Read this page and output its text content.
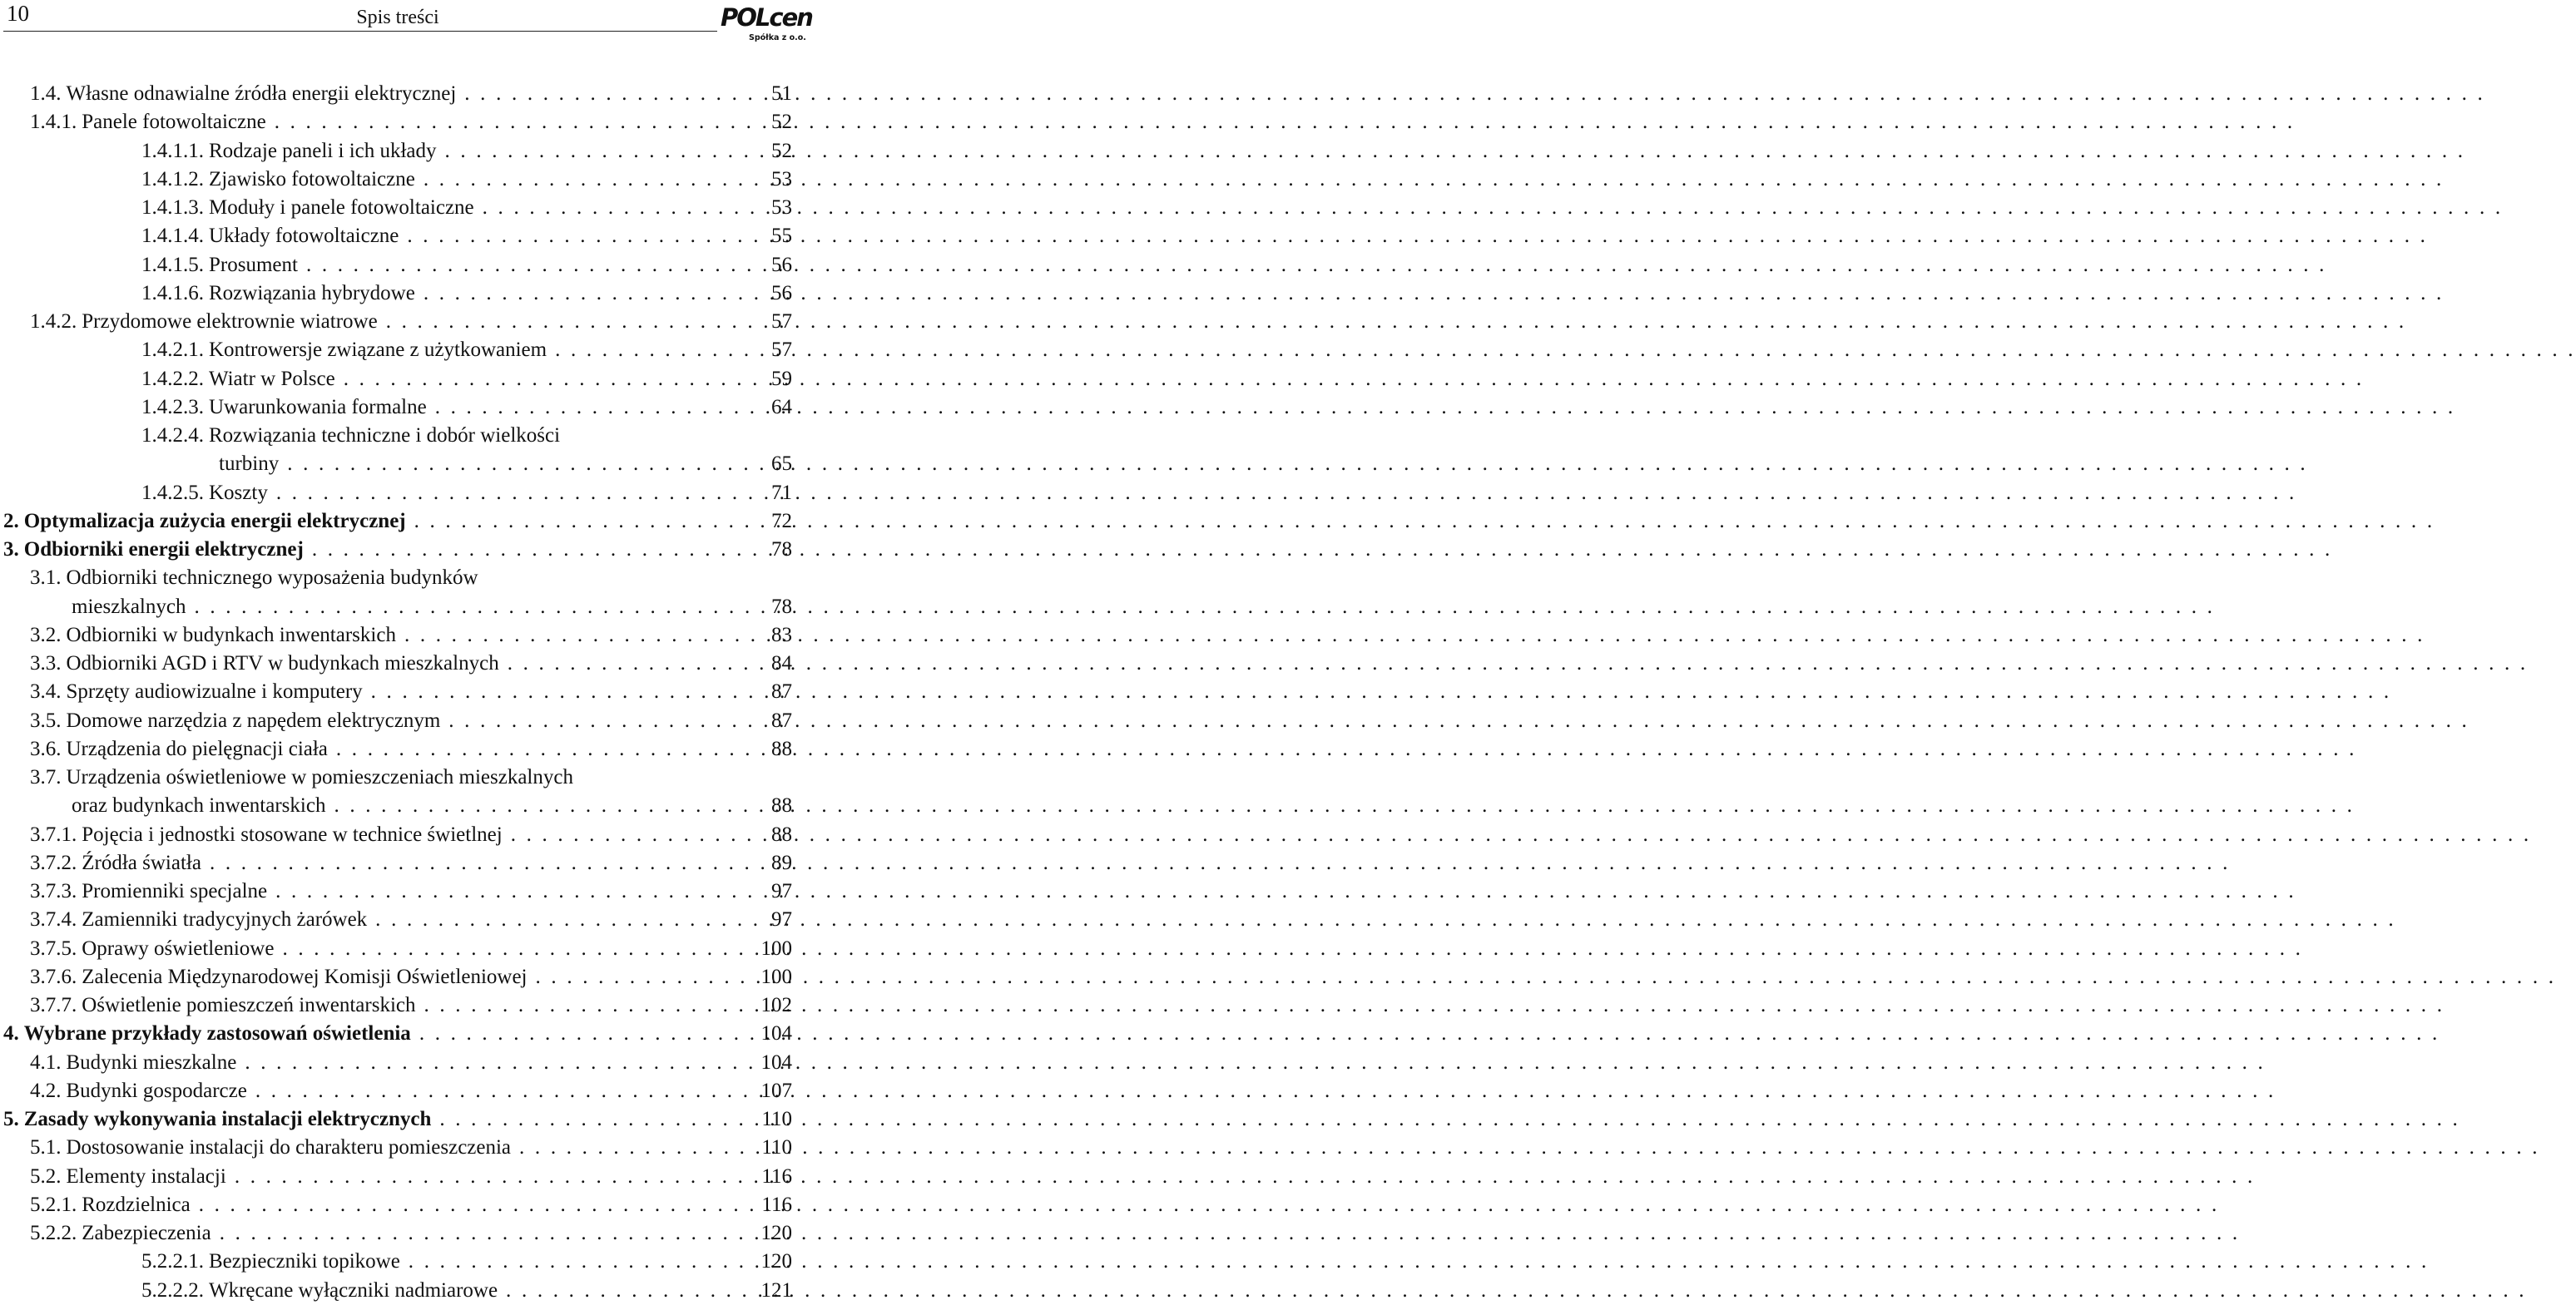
10	Spis treści	POLcen
Spółka z o.o.
1.4. Własne odnawialne źródła energii elektrycznej . . .	51
1.4.1. Panele fotowoltaiczne . . .	52
1.4.1.1. Rodzaje paneli i ich układy . . .	52
1.4.1.2. Zjawisko fotowoltaiczne . . .	53
1.4.1.3. Moduły i panele fotowoltaiczne . . .	53
1.4.1.4. Układy fotowoltaiczne . . .	55
1.4.1.5. Prosument . . .	56
1.4.1.6. Rozwiązania hybrydowe . . .	56
1.4.2. Przydomowe elektrownie wiatrowe . . .	57
1.4.2.1. Kontrowersje związane z użytkowaniem . . .	57
1.4.2.2. Wiatr w Polsce . . .	59
1.4.2.3. Uwarunkowania formalne . . .	64
1.4.2.4. Rozwiązania techniczne i dobór wielkości
turbiny . . .	65
1.4.2.5. Koszty . . .	71
2. Optymalizacja zużycia energii elektrycznej . . .	72
3. Odbiorniki energii elektrycznej . . .	78
3.1. Odbiorniki technicznego wyposażenia budynków
mieszkalnych . . .	78
3.2. Odbiorniki w budynkach inwentarskich . . .	83
3.3. Odbiorniki AGD i RTV w budynkach mieszkalnych . . .	84
3.4. Sprzęty audiowizualne i komputery . . .	87
3.5. Domowe narzędzia z napędem elektrycznym . . .	87
3.6. Urządzenia do pielęgnacji ciała . . .	88
3.7. Urządzenia oświetleniowe w pomieszczeniach mieszkalnych
oraz budynkach inwentarskich . . .	88
3.7.1. Pojęcia i jednostki stosowane w technice świetlnej . . .	88
3.7.2. Źródła światła . . .	89
3.7.3. Promienniki specjalne . . .	97
3.7.4. Zamienniki tradycyjnych żarówek . . .	97
3.7.5. Oprawy oświetleniowe . . .	100
3.7.6. Zalecenia Międzynarodowej Komisji Oświetleniowej . . .	100
3.7.7. Oświetlenie pomieszczeń inwentarskich . . .	102
4. Wybrane przykłady zastosowań oświetlenia . . .	104
4.1. Budynki mieszkalne . . .	104
4.2. Budynki gospodarcze . . .	107
5. Zasady wykonywania instalacji elektrycznych . . .	110
5.1. Dostosowanie instalacji do charakteru pomieszczenia . . .	110
5.2. Elementy instalacji . . .	116
5.2.1. Rozdzielnica . . .	116
5.2.2. Zabezpieczenia . . .	120
5.2.2.1. Bezpieczniki topikowe . . .	120
5.2.2.2. Wkręcane wyłączniki nadmiarowe . . .	121
